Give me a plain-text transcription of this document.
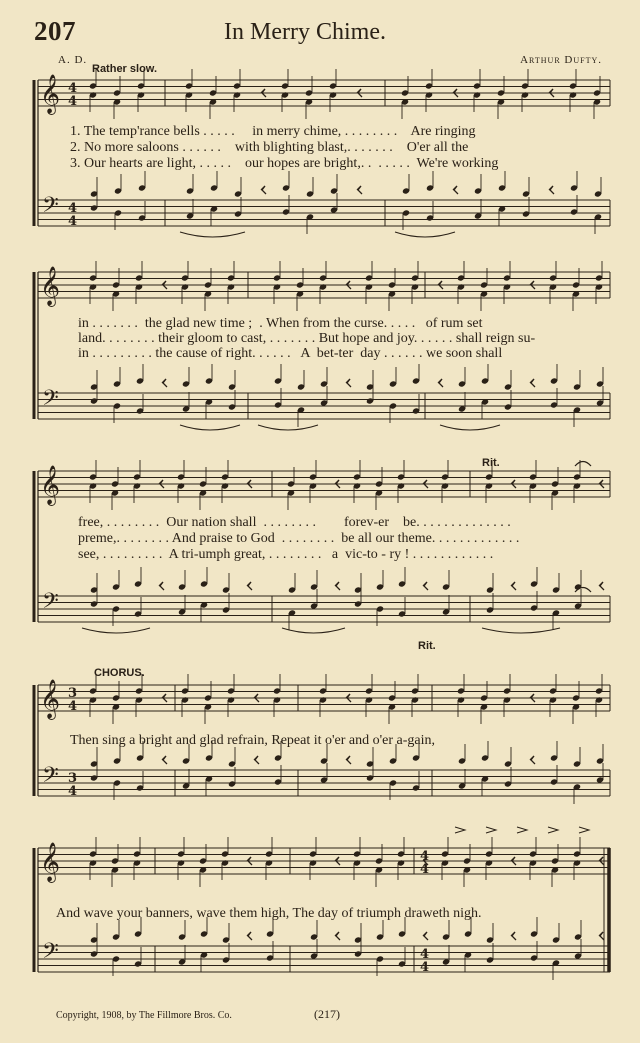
207	In Merry Chime.
A. D.	Arthur Dufty.
Rather slow.
Rit.
Rit.
CHORUS.
𝄞
𝄢
𝄞
𝄢
𝄞
𝄢
𝄞
𝄢
𝄞
𝄢
4
4
4
4
3
4
3
4
4
4
4
4
1. The temp'rance bells . . . . .     in merry chime, . . . . . . . .    Are ringing
2. No more saloons . . . . . .    with blighting blast,. . . . . . .    O'er all the
3. Our hearts are light, . . . . .    our hopes are bright,. .  . . . . .  We're working
in . . . . . . .  the glad new time ;  . When from the curse. . . . .   of rum set
land. . . . . . . . their gloom to cast, . . . . . . . But hope and joy. . . . . . shall reign su-
in . . . . . . . . . the cause of right. . . . . .   A  bet-ter  day . . . . . . we soon shall
free, . . . . . . . .  Our nation shall  . . . . . . . .        forev-er    be. . . . . . . . . . . . . .
preme,. . . . . . . . And praise to God  . . . . . . . .  be all our theme. . . . . . . . . . . . .
see, . . . . . . . . .  A tri-umph great, . . . . . . . .   a  vic-to - ry ! . . . . . . . . . . . .
Then sing a bright and glad refrain, Repeat it o'er and o'er a-gain,
And wave your banners, wave them high, The day of triumph draweth nigh.
Copyright, 1908, by The Fillmore Bros. Co.	(217)
